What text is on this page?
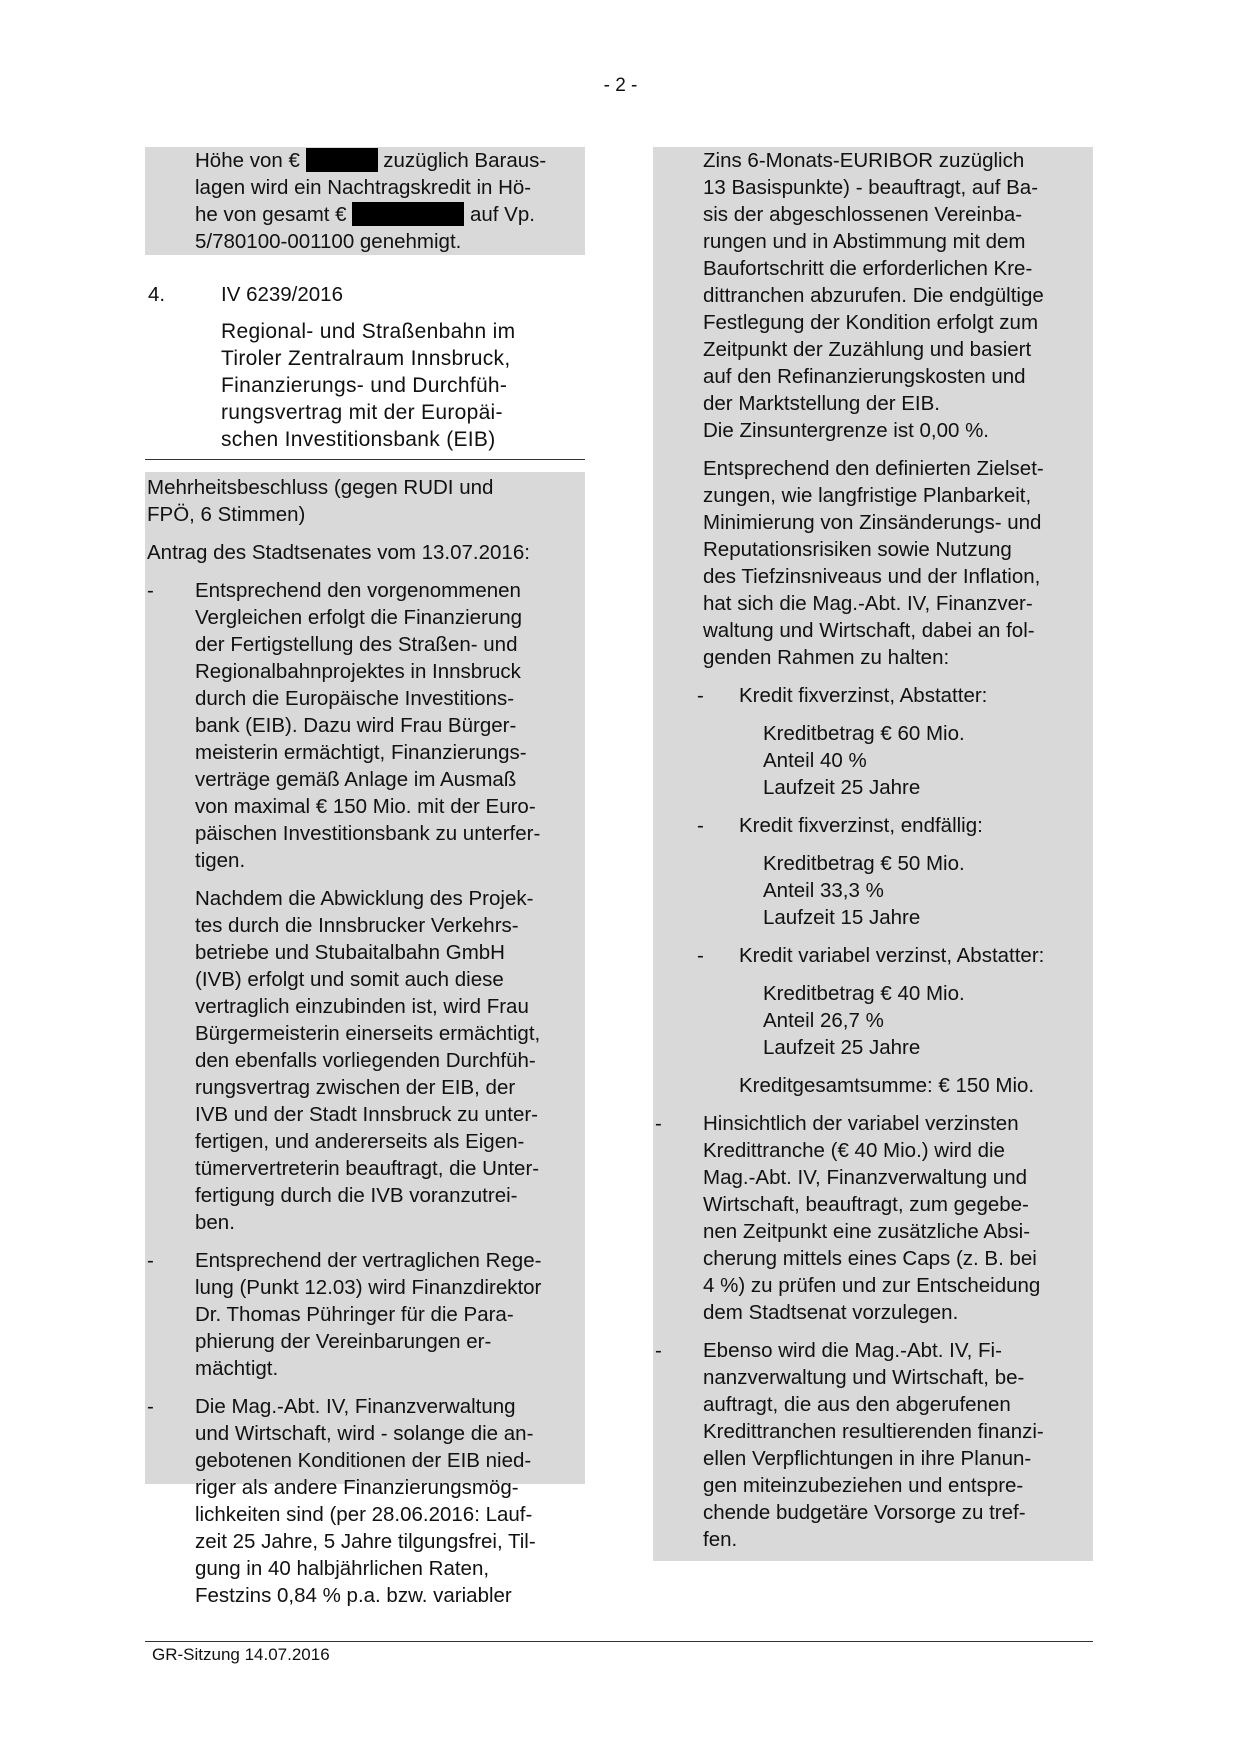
- 2 -
Höhe von €	zuzüglich Baraus-
lagen wird ein Nachtragskredit in Hö-
he von gesamt €	auf Vp.
5/780100-001100 genehmigt.
4.	IV 6239/2016
Regional- und Straßenbahn im
Tiroler Zentralraum Innsbruck,
Finanzierungs- und Durchfüh-
rungsvertrag mit der Europäi-
schen Investitionsbank (EIB)
Mehrheitsbeschluss (gegen RUDI und
FPÖ, 6 Stimmen)
Antrag des Stadtsenates vom 13.07.2016:
- Entsprechend den vorgenommenen
Vergleichen erfolgt die Finanzierung
der Fertigstellung des Straßen- und
Regionalbahnprojektes in Innsbruck
durch die Europäische Investitions-
bank (EIB). Dazu wird Frau Bürger-
meisterin ermächtigt, Finanzierungs-
verträge gemäß Anlage im Ausmaß
von maximal € 150 Mio. mit der Euro-
päischen Investitionsbank zu unterfer-
tigen.
Nachdem die Abwicklung des Projek-
tes durch die Innsbrucker Verkehrs-
betriebe und Stubaitalbahn GmbH
(IVB) erfolgt und somit auch diese
vertraglich einzubinden ist, wird Frau
Bürgermeisterin einerseits ermächtigt,
den ebenfalls vorliegenden Durchfüh-
rungsvertrag zwischen der EIB, der
IVB und der Stadt Innsbruck zu unter-
fertigen, und andererseits als Eigen-
tümervertreterin beauftragt, die Unter-
fertigung durch die IVB voranzutrei-
ben.
- Entsprechend der vertraglichen Rege-
lung (Punkt 12.03) wird Finanzdirektor
Dr. Thomas Pühringer für die Para-
phierung der Vereinbarungen er-
mächtigt.
- Die Mag.-Abt. IV, Finanzverwaltung
und Wirtschaft, wird - solange die an-
gebotenen Konditionen der EIB nied-
riger als andere Finanzierungsmög-
lichkeiten sind (per 28.06.2016: Lauf-
zeit 25 Jahre, 5 Jahre tilgungsfrei, Til-
gung in 40 halbjährlichen Raten,
Festzins 0,84 % p.a. bzw. variabler
Zins 6-Monats-EURIBOR zuzüglich
13 Basispunkte) - beauftragt, auf Ba-
sis der abgeschlossenen Vereinba-
rungen und in Abstimmung mit dem
Baufortschritt die erforderlichen Kre-
dittranchen abzurufen. Die endgültige
Festlegung der Kondition erfolgt zum
Zeitpunkt der Zuzählung und basiert
auf den Refinanzierungskosten und
der Marktstellung der EIB.
Die Zinsuntergrenze ist 0,00 %.
Entsprechend den definierten Zielset-
zungen, wie langfristige Planbarkeit,
Minimierung von Zinsänderungs- und
Reputationsrisiken sowie Nutzung
des Tiefzinsniveaus und der Inflation,
hat sich die Mag.-Abt. IV, Finanzver-
waltung und Wirtschaft, dabei an fol-
genden Rahmen zu halten:
- Kredit fixverzinst, Abstatter:
Kreditbetrag € 60 Mio.
Anteil 40 %
Laufzeit 25 Jahre
- Kredit fixverzinst, endfällig:
Kreditbetrag € 50 Mio.
Anteil 33,3 %
Laufzeit 15 Jahre
- Kredit variabel verzinst, Abstatter:
Kreditbetrag € 40 Mio.
Anteil 26,7 %
Laufzeit 25 Jahre
Kreditgesamtsumme: € 150 Mio.
- Hinsichtlich der variabel verzinsten
Kredittranche (€ 40 Mio.) wird die
Mag.-Abt. IV, Finanzverwaltung und
Wirtschaft, beauftragt, zum gegebe-
nen Zeitpunkt eine zusätzliche Absi-
cherung mittels eines Caps (z. B. bei
4 %) zu prüfen und zur Entscheidung
dem Stadtsenat vorzulegen.
- Ebenso wird die Mag.-Abt. IV, Fi-
nanzverwaltung und Wirtschaft, be-
auftragt, die aus den abgerufenen
Kredittranchen resultierenden finanzi-
ellen Verpflichtungen in ihre Planun-
gen miteinzubeziehen und entspre-
chende budgetäre Vorsorge zu tref-
fen.
GR-Sitzung 14.07.2016
